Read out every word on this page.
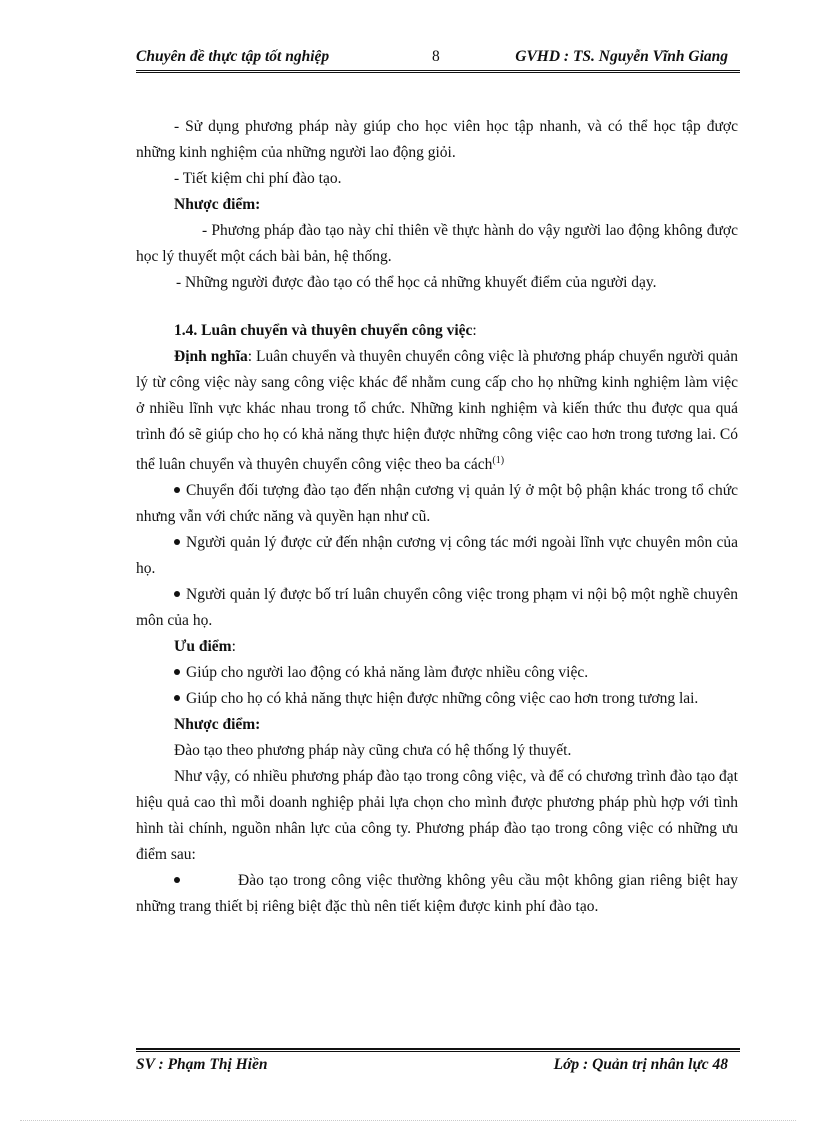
Chuyên đề thực tập tốt nghiệp	8	GVHD : TS. Nguyễn Vĩnh Giang

- Sử dụng phương pháp này giúp cho học viên học tập nhanh, và có thể học tập được những kinh nghiệm của những người lao động giỏi.

- Tiết kiệm chi phí đào tạo.

Nhược điểm:

- Phương pháp đào tạo này chỉ thiên về thực hành do vậy người lao động không được học lý thuyết một cách bài bản, hệ thống.

- Những người được đào tạo có thể học cả những khuyết điểm của người dạy.

1.4. Luân chuyển và thuyên chuyển công việc:

Định nghĩa: Luân chuyển và thuyên chuyển công việc là phương pháp chuyển người quản lý từ công việc này sang công việc khác để nhằm cung cấp cho họ những kinh nghiệm làm việc ở nhiều lĩnh vực khác nhau trong tổ chức. Những kinh nghiệm và kiến thức thu được qua quá trình đó sẽ giúp cho họ có khả năng thực hiện được những công việc cao hơn trong tương lai. Có thể luân chuyển và thuyên chuyển công việc theo ba cách$^{(1)}$

Chuyển đối tượng đào tạo đến nhận cương vị quản lý ở một bộ phận khác trong tổ chức nhưng vẫn với chức năng và quyền hạn như cũ.

Người quản lý được cử đến nhận cương vị công tác mới ngoài lĩnh vực chuyên môn của họ.

Người quản lý được bố trí luân chuyển công việc trong phạm vi nội bộ một nghề chuyên môn của họ.

Ưu điểm:

Giúp cho người lao động có khả năng làm được nhiều công việc.

Giúp cho họ có khả năng thực hiện được những công việc cao hơn trong tương lai.

Nhược điểm:

Đào tạo theo phương pháp này cũng chưa có hệ thống lý thuyết.

Như vậy, có nhiều phương pháp đào tạo trong công việc, và để có chương trình đào tạo đạt hiệu quả cao thì mỗi doanh nghiệp phải lựa chọn cho mình được phương pháp phù hợp với tình hình tài chính, nguồn nhân lực của công ty. Phương pháp đào tạo trong công việc có những ưu điểm sau:

Đào tạo trong công việc thường không yêu cầu một không gian riêng biệt hay những trang thiết bị riêng biệt đặc thù nên tiết kiệm được kinh phí đào tạo.

SV : Phạm Thị Hiền	Lớp : Quản trị nhân lực 48
